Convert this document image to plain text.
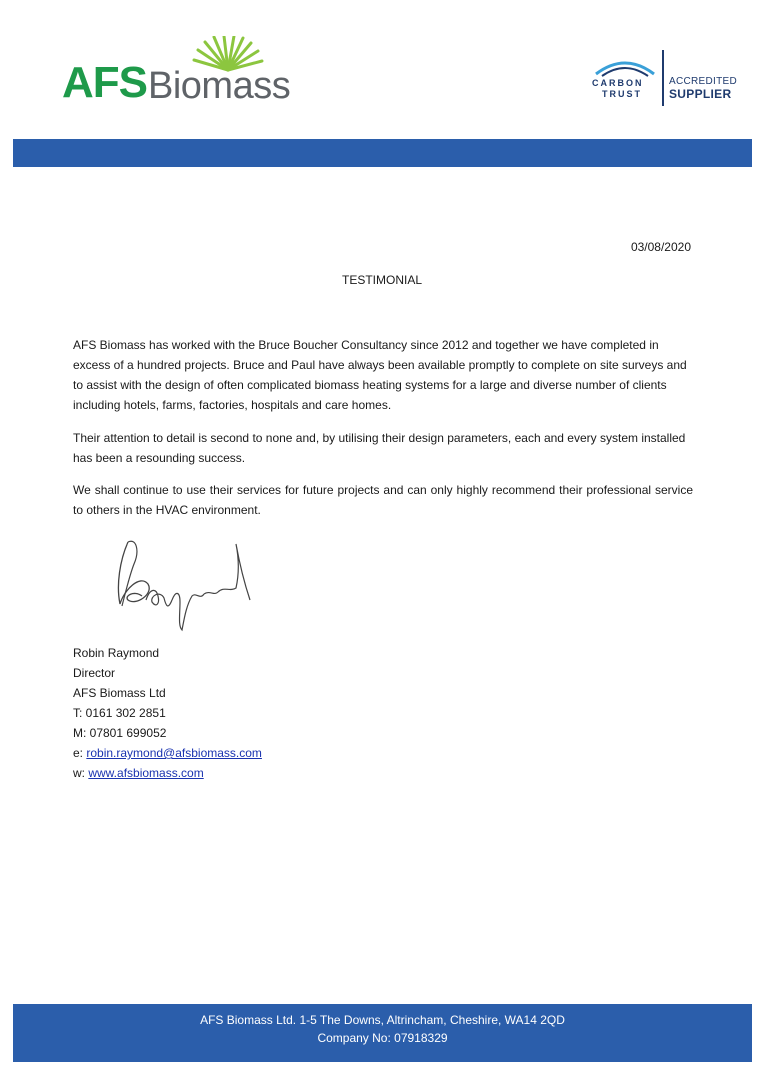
AFS Biomass	CARBON
TRUST
ACCREDITED
SUPPLIER
03/08/2020
TESTIMONIAL

AFS Biomass has worked with the Bruce Boucher Consultancy since 2012 and together we have completed in excess of a hundred projects. Bruce and Paul have always been available promptly to complete on site surveys and to assist with the design of often complicated biomass heating systems for a large and diverse number of clients including hotels, farms, factories, hospitals and care homes.

Their attention to detail is second to none and, by utilising their design parameters, each and every system installed has been a resounding success.

We shall continue to use their services for future projects and can only highly recommend their professional service to others in the HVAC environment.

Robin Raymond
Director
AFS Biomass Ltd
T: 0161 302 2851
M: 07801 699052
e: robin.raymond@afsbiomass.com
w: www.afsbiomass.com
AFS Biomass Ltd. 1-5 The Downs, Altrincham, Cheshire, WA14 2QD
Company No: 07918329
